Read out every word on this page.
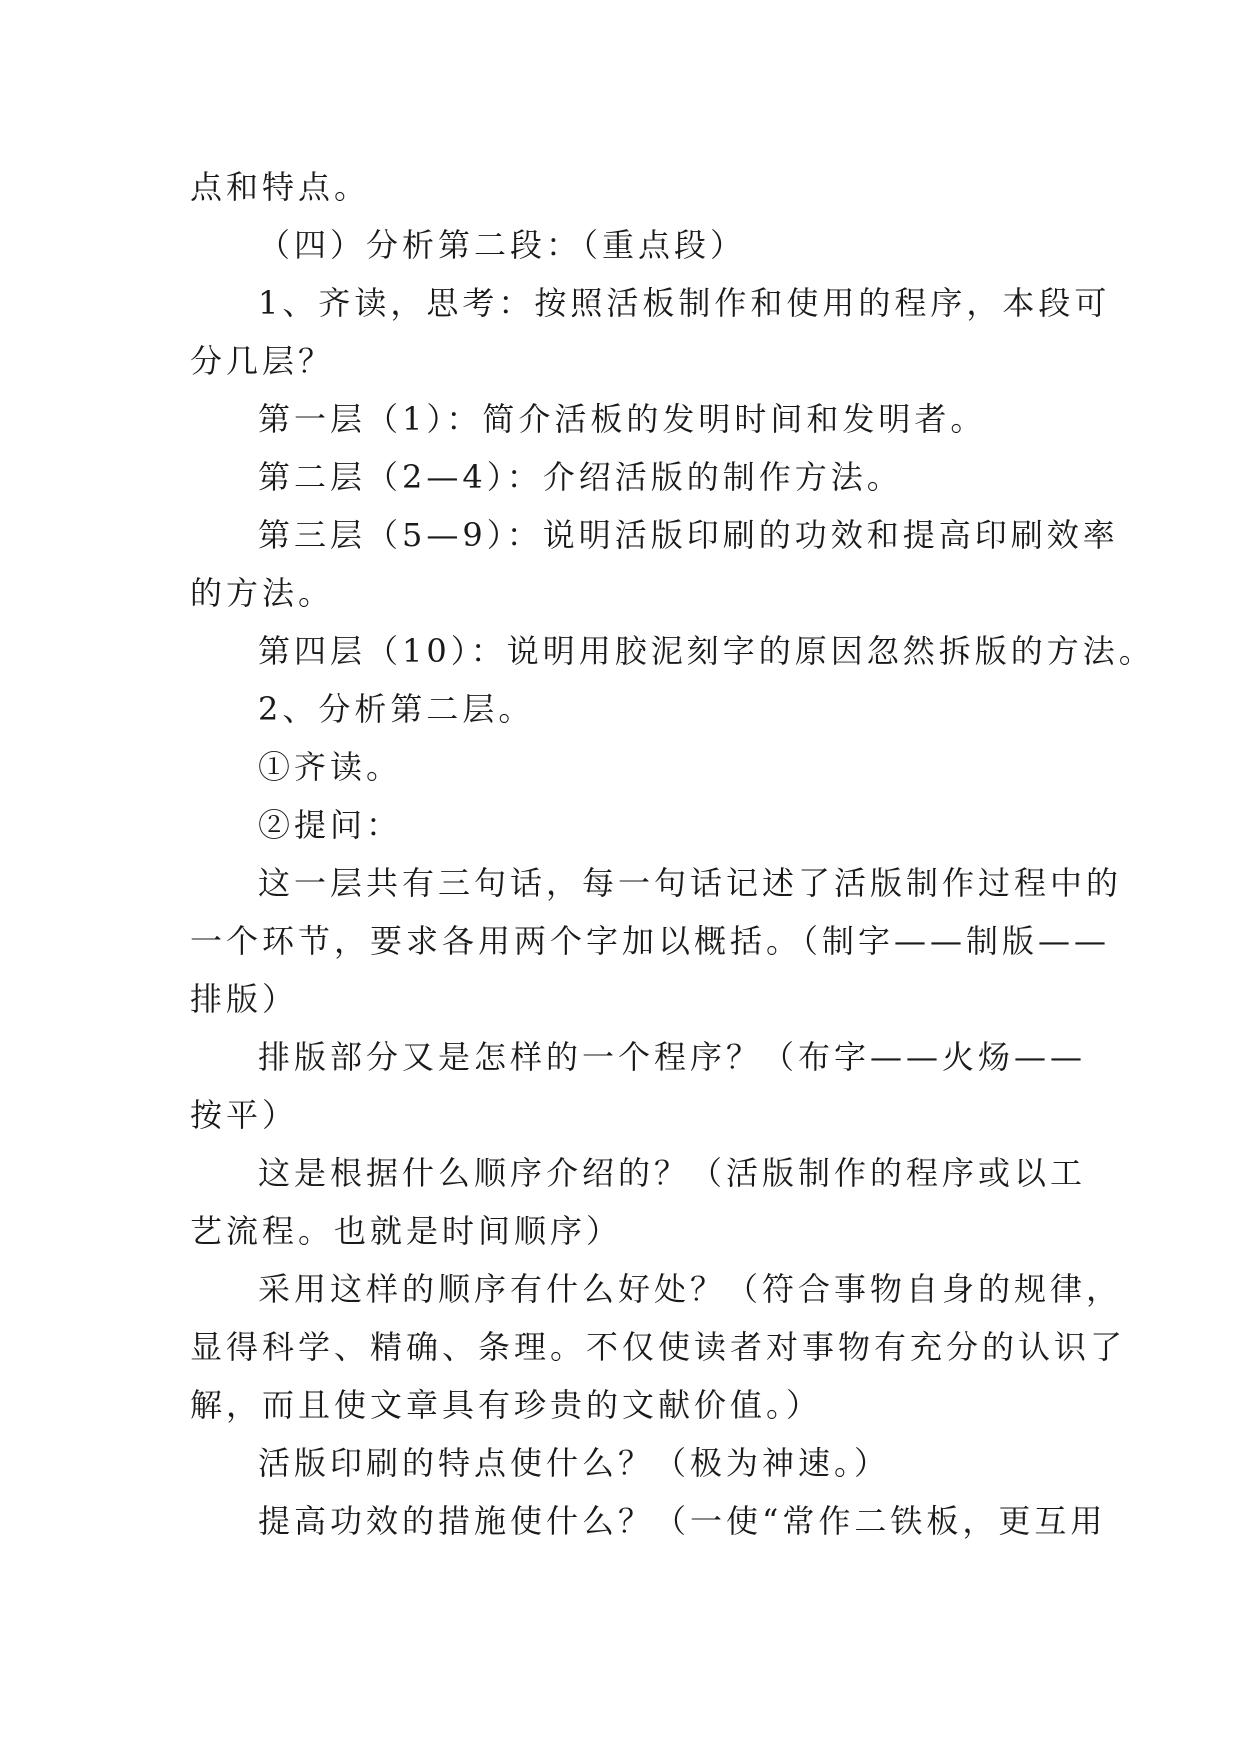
点和特点。

（四）分析第二段：（重点段）

1、齐读，思考：按照活板制作和使用的程序，本段可

分几层？

第一层（1）：简介活板的发明时间和发明者。

第二层（2—4）：介绍活版的制作方法。

第三层（5—9）：说明活版印刷的功效和提高印刷效率

的方法。

第四层（10）：说明用胶泥刻字的原因忽然拆版的方法。

2、分析第二层。

①齐读。

②提问：

这一层共有三句话，每一句话记述了活版制作过程中的

一个环节，要求各用两个字加以概括。（制字——制版——

排版）

排版部分又是怎样的一个程序？（布字——火炀——

按平）

这是根据什么顺序介绍的？（活版制作的程序或以工

艺流程。也就是时间顺序）

采用这样的顺序有什么好处？（符合事物自身的规律，

显得科学、精确、条理。不仅使读者对事物有充分的认识了

解，而且使文章具有珍贵的文献价值。）

活版印刷的特点使什么？（极为神速。）

提高功效的措施使什么？（一使“常作二铁板，更互用
